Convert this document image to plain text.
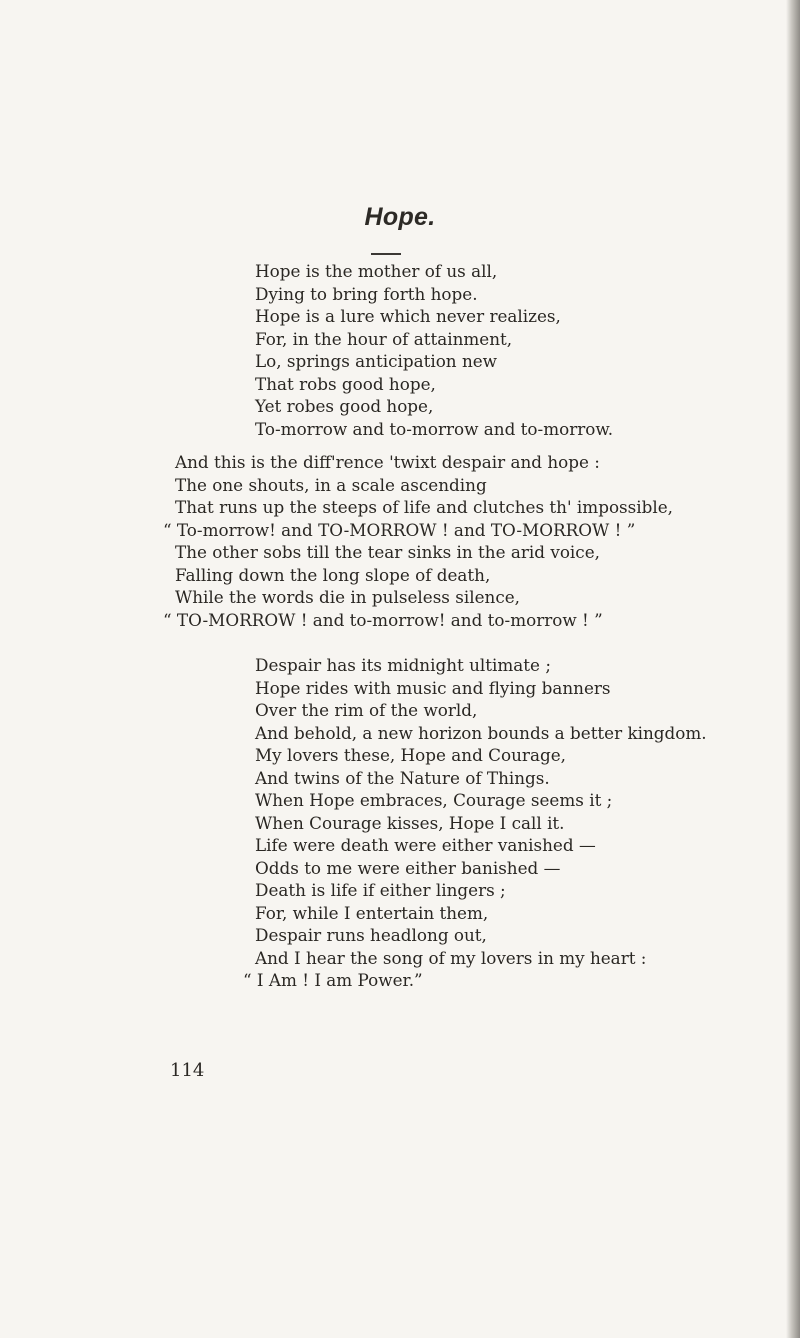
Hope.
Hope is the mother of us all,
Dying to bring forth hope.
Hope is a lure which never realizes,
For, in the hour of attainment,
Lo, springs anticipation new
That robs good hope,
Yet robes good hope,
To-morrow and to-morrow and to-morrow.
And this is the diff'rence 'twixt despair and hope :
The one shouts, in a scale ascending
That runs up the steeps of life and clutches th' impossible,
“ To-morrow! and TO-MORROW ! and TO-MORROW ! ”
The other sobs till the tear sinks in the arid voice,
Falling down the long slope of death,
While the words die in pulseless silence,
“ TO-MORROW ! and to-morrow! and to-morrow ! ”
Despair has its midnight ultimate ;
Hope rides with music and flying banners
Over the rim of the world,
And behold, a new horizon bounds a better kingdom.
My lovers these, Hope and Courage,
And twins of the Nature of Things.
When Hope embraces, Courage seems it ;
When Courage kisses, Hope I call it.
Life were death were either vanished —
Odds to me were either banished —
Death is life if either lingers ;
For, while I entertain them,
Despair runs headlong out,
And I hear the song of my lovers in my heart :
“ I Am ! I am Power.”
114
